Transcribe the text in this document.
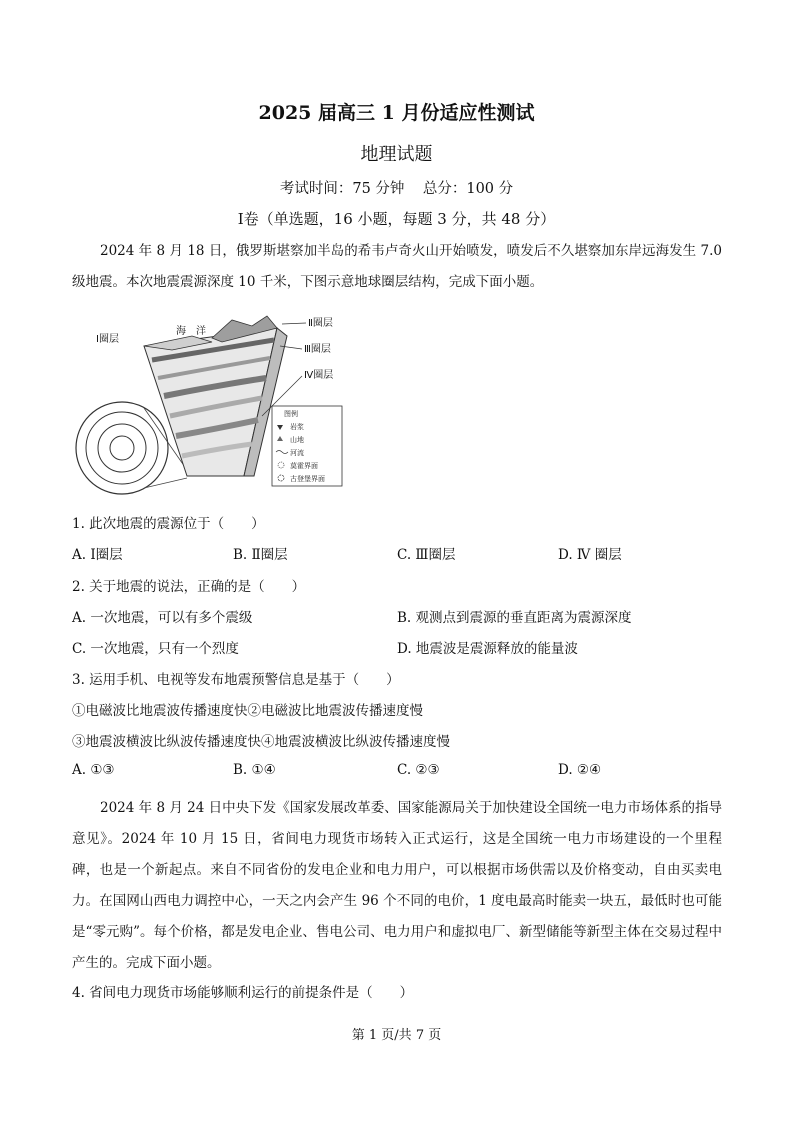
2025 届高三 1 月份适应性测试
地理试题
考试时间：75 分钟    总分：100 分
Ⅰ卷（单选题，16 小题，每题 3 分，共 48 分）
2024 年 8 月 18 日，俄罗斯堪察加半岛的希韦卢奇火山开始喷发，喷发后不久堪察加东岸远海发生 7.0 级地震。本次地震震源深度 10 千米，下图示意地球圈层结构，完成下面小题。
Ⅰ圈层
海　洋
Ⅱ圈层
Ⅲ圈层
Ⅳ圈层
图例
岩浆
山地
河流
莫霍界面
古登堡界面
1. 此次地震的震源位于（　　）
A. Ⅰ圈层	B. Ⅱ圈层	C. Ⅲ圈层	D. Ⅳ 圈层
2. 关于地震的说法，正确的是（　　）
A. 一次地震，可以有多个震级	B. 观测点到震源的垂直距离为震源深度
C. 一次地震，只有一个烈度	D. 地震波是震源释放的能量波
3. 运用手机、电视等发布地震预警信息是基于（　　）
①电磁波比地震波传播速度快②电磁波比地震波传播速度慢
③地震波横波比纵波传播速度快④地震波横波比纵波传播速度慢
A. ①③	B. ①④	C. ②③	D. ②④
2024 年 8 月 24 日中央下发《国家发展改革委、国家能源局关于加快建设全国统一电力市场体系的指导意见》。2024 年 10 月 15 日，省间电力现货市场转入正式运行，这是全国统一电力市场建设的一个里程碑，也是一个新起点。来自不同省份的发电企业和电力用户，可以根据市场供需以及价格变动，自由买卖电力。在国网山西电力调控中心，一天之内会产生 96 个不同的电价，1 度电最高时能卖一块五，最低时也可能是“零元购”。每个价格，都是发电企业、售电公司、电力用户和虚拟电厂、新型储能等新型主体在交易过程中产生的。完成下面小题。
4. 省间电力现货市场能够顺利运行的前提条件是（　　）
第 1 页/共 7 页
